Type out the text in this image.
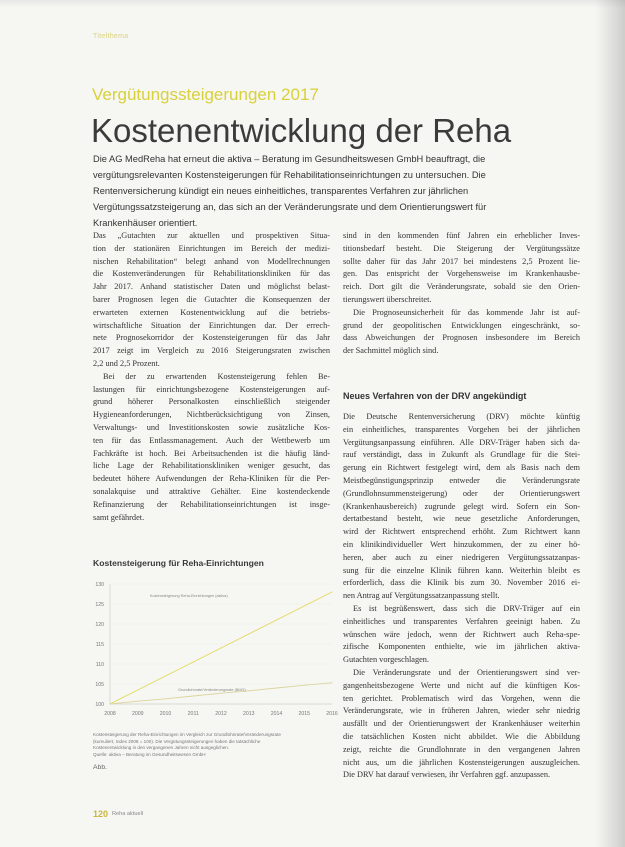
Titelthema
Vergütungssteigerungen 2017
Kostenentwicklung der Reha
Die AG MedReha hat erneut die aktiva – Beratung im Gesundheitswesen GmbH beauftragt, die
vergütungsrelevanten Kostensteigerungen für Rehabilitationseinrichtungen zu untersuchen. Die
Rentenversicherung kündigt ein neues einheitliches, transparentes Verfahren zur jährlichen
Vergütungssatzsteigerung an, das sich an der Veränderungsrate und dem Orientierungswert für
Krankenhäuser orientiert.
Das „Gutachten zur aktuellen und prospektiven Situa-
tion der stationären Einrichtungen im Bereich der medizi-
nischen Rehabilitation“ belegt anhand von Modellrechnungen
die Kostenveränderungen für Rehabilitationskliniken für das
Jahr 2017. Anhand statistischer Daten und möglichst belast-
barer Prognosen legen die Gutachter die Konsequenzen der
erwarteten externen Kostenentwicklung auf die betriebs-
wirtschaftliche Situation der Einrichtungen dar. Der errech-
nete Prognosekorridor der Kostensteigerungen für das Jahr
2017 zeigt im Vergleich zu 2016 Steigerungsraten zwischen
2,2 und 2,5 Prozent.
Bei der zu erwartenden Kostensteigerung fehlen Be-
lastungen für einrichtungsbezogene Kostensteigerungen auf-
grund höherer Personalkosten einschließlich steigender
Hygieneanforderungen, Nichtberücksichtigung von Zinsen,
Verwaltungs- und Investitionskosten sowie zusätzliche Kos-
ten für das Entlassmanagement. Auch der Wettbewerb um
Fachkräfte ist hoch. Bei Arbeitsuchenden ist die häufig länd-
liche Lage der Rehabilitationskliniken weniger gesucht, das
bedeutet höhere Aufwendungen der Reha-Kliniken für die Per-
sonalakquise und attraktive Gehälter. Eine kostendeckende
Refinanzierung der Rehabilitationseinrichtungen ist insge-
samt gefährdet.
sind in den kommenden fünf Jahren ein erheblicher Inves-
titionsbedarf besteht. Die Steigerung der Vergütungssätze
sollte daher für das Jahr 2017 bei mindestens 2,5 Prozent lie-
gen. Das entspricht der Vorgehensweise im Krankenhausbe-
reich. Dort gilt die Veränderungsrate, sobald sie den Orien-
tierungswert überschreitet.
Die Prognoseunsicherheit für das kommende Jahr ist auf-
grund der geopolitischen Entwicklungen eingeschränkt, so-
dass Abweichungen der Prognosen insbesondere im Bereich
der Sachmittel möglich sind.
Neues Verfahren von der DRV angekündigt
Die Deutsche Rentenversicherung (DRV) möchte künftig
ein einheitliches, transparentes Vorgehen bei der jährlichen
Vergütungsanpassung einführen. Alle DRV-Träger haben sich da-
rauf verständigt, dass in Zukunft als Grundlage für die Stei-
gerung ein Richtwert festgelegt wird, dem als Basis nach dem
Meistbegünstigungsprinzip entweder die Veränderungsrate
(Grundlohnsummensteigerung) oder der Orientierungswert
(Krankenhausbereich) zugrunde gelegt wird. Sofern ein Son-
dertatbestand besteht, wie neue gesetzliche Anforderungen,
wird der Richtwert entsprechend erhöht. Zum Richtwert kann
ein klinikindividueller Wert hinzukommen, der zu einer hö-
heren, aber auch zu einer niedrigeren Vergütungssatzanpas-
sung für die einzelne Klinik führen kann. Weiterhin bleibt es
erforderlich, dass die Klinik bis zum 30. November 2016 ei-
nen Antrag auf Vergütungssatzanpassung stellt.
Es ist begrüßenswert, dass sich die DRV-Träger auf ein
einheitliches und transparentes Verfahren geeinigt haben. Zu
wünschen wäre jedoch, wenn der Richtwert auch Reha-spe-
zifische Komponenten enthielte, wie im jährlichen aktiva-
Gutachten vorgeschlagen.
Die Veränderungsrate und der Orientierungswert sind ver-
gangenheitsbezogene Werte und nicht auf die künftigen Kos-
ten gerichtet. Problematisch wird das Vorgehen, wenn die
Veränderungsrate, wie in früheren Jahren, wieder sehr niedrig
ausfällt und der Orientierungswert der Krankenhäuser weiterhin
die tatsächlichen Kosten nicht abbildet. Wie die Abbildung
zeigt, reichte die Grundlohnrate in den vergangenen Jahren
nicht aus, um die jährlichen Kostensteigerungen auszugleichen.
Die DRV hat darauf verwiesen, ihr Verfahren ggf. anzupassen.
Kostensteigerung für Reha-Einrichtungen
100
105
110
115
120
125
130
2008	2009	2010	2011	2012	2013	2014	2015	2016
Kostensteigerung Reha-Einrichtungen (aktiva)
Grundlohnrate/Veränderungsrate (BMG)
Kostensteigerung der Reha-Einrichtungen im Vergleich zur Grundlohnrate/Veränderungsrate
(kumuliert, Index 2008 = 100). Die Vergütungssteigerungen haben die tatsächliche
Kostenentwicklung in den vergangenen Jahren nicht ausgeglichen.
Quelle: aktiva – Beratung im Gesundheitswesen GmbH
Abb.
120 Reha aktuell
